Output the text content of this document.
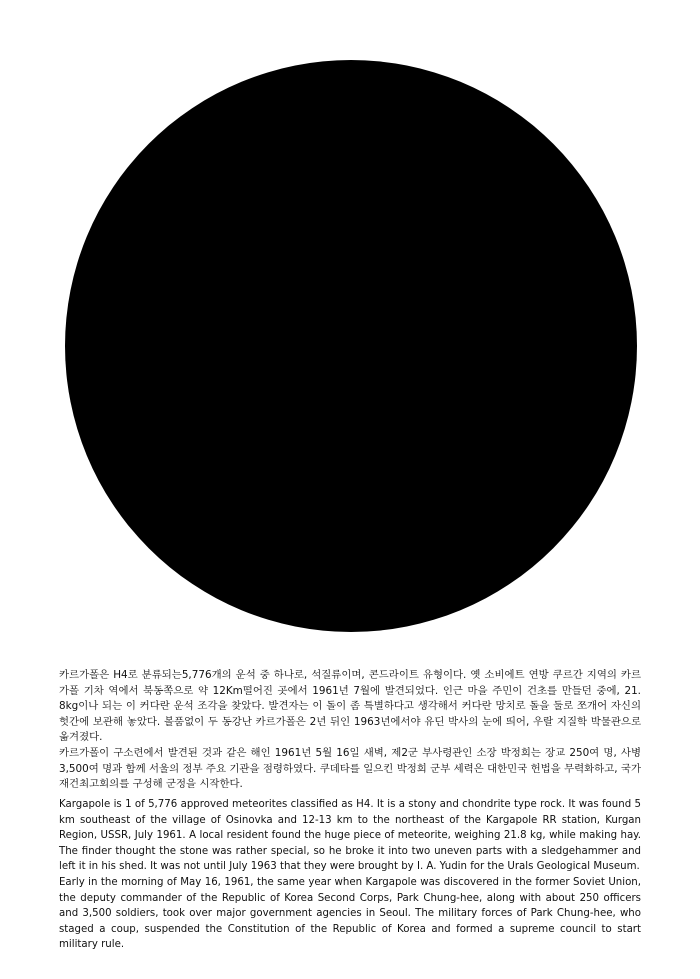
카르가폴은 H4로 분류되는5,776개의 운석 중 하나로, 석질류이며, 콘드라이트 유형이다. 옛 소비에트 연방 쿠르간 지역의 카르가폴 기차 역에서 북동쪽으로 약 12Km떨어진 곳에서 1961년 7월에 발견되었다. 인근 마을 주민이 건초를 만들던 중에, 21. 8kg이나 되는 이 커다란 운석 조각을 찾았다. 발견자는 이 돌이 좀 특별하다고 생각해서 커다란 망치로 돌을 둘로 쪼개어 자신의 헛간에 보관해 놓았다. 볼품없이 두 동강난 카르가폴은 2년 뒤인 1963년에서야 유딘 박사의 눈에 띄어, 우랄 지질학 박물관으로 옮겨졌다.

카르가폴이 구소련에서 발견된 것과 같은 해인 1961년 5월 16일 새벽, 제2군 부사령관인 소장 박정희는 장교 250여 명, 사병 3,500여 명과 함께 서울의 정부 주요 기관을 점령하였다. 쿠데타를 일으킨 박정희 군부 세력은 대한민국 헌법을 무력화하고, 국가재건최고회의를 구성해 군정을 시작한다.

Kargapole is 1 of 5,776 approved meteorites classified as H4. It is a stony and chondrite type rock. It was found 5 km southeast of the village of Osinovka and 12-13 km to the northeast of the Kargapole RR station, Kurgan Region, USSR, July 1961. A local resident found the huge piece of meteorite, weighing 21.8 kg, while making hay. The finder thought the stone was rather special, so he broke it into two uneven parts with a sledgehammer and left it in his shed. It was not until July 1963 that they were brought by I. A. Yudin for the Urals Geological Museum.

Early in the morning of May 16, 1961, the same year when Kargapole was discovered in the former Soviet Union, the deputy commander of the Republic of Korea Second Corps, Park Chung-hee, along with about 250 officers and 3,500 soldiers, took over major government agencies in Seoul. The military forces of Park Chung-hee, who staged a coup, suspended the Constitution of the Republic of Korea and formed a supreme council to start military rule.
